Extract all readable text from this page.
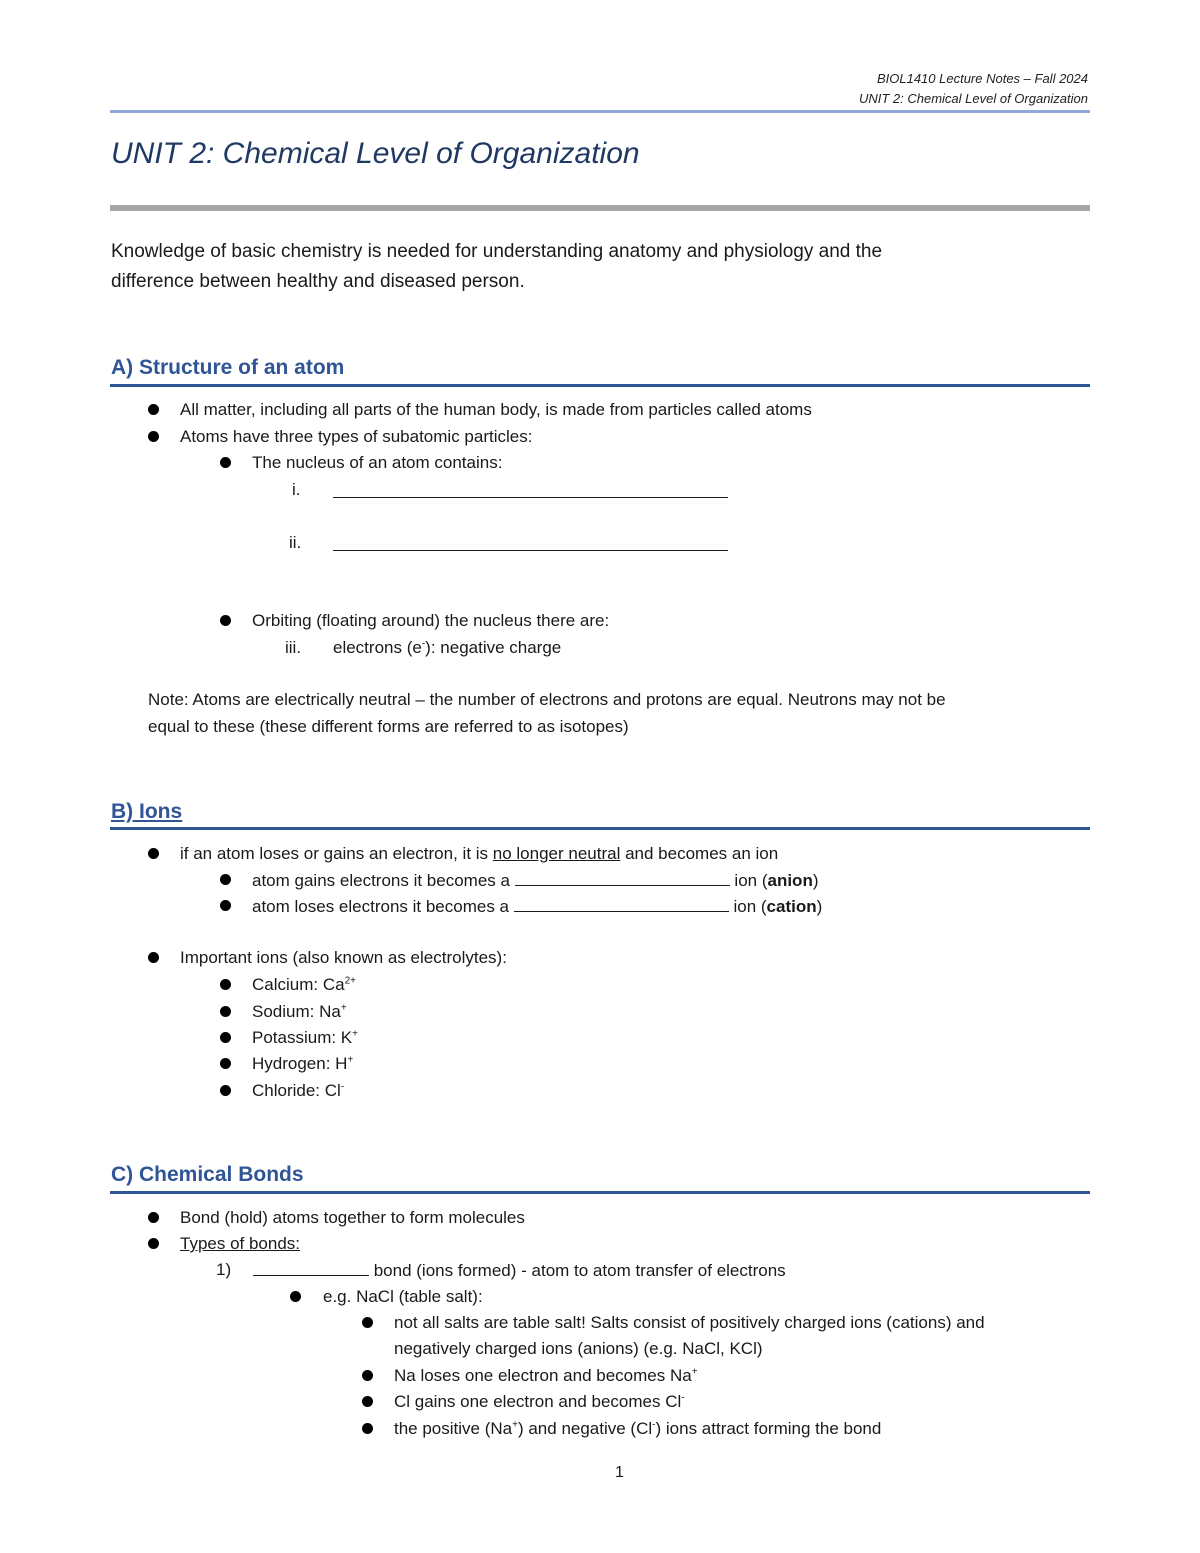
BIOL1410 Lecture Notes – Fall 2024
UNIT 2: Chemical Level of Organization
UNIT 2: Chemical Level of Organization
Knowledge of basic chemistry is needed for understanding anatomy and physiology and the
difference between healthy and diseased person.
A) Structure of an atom
All matter, including all parts of the human body, is made from particles called atoms
Atoms have three types of subatomic particles:
The nucleus of an atom contains:
i.
ii.
Orbiting (floating around) the nucleus there are:
iii. electrons (e-): negative charge
Note: Atoms are electrically neutral – the number of electrons and protons are equal. Neutrons may not be
equal to these (these different forms are referred to as isotopes)
B) Ions
if an atom loses or gains an electron, it is no longer neutral and becomes an ion
atom gains electrons it becomes a	ion (anion)
atom loses electrons it becomes a	ion (cation)
Important ions (also known as electrolytes):
Calcium: $Ca^{2+}$
Sodium: Na+
Potassium: K+
Hydrogen: H+
Chloride: Cl-
C) Chemical Bonds
Bond (hold) atoms together to form molecules
Types of bonds:
1)	bond (ions formed) - atom to atom transfer of electrons
e.g. NaCl (table salt):
not all salts are table salt! Salts consist of positively charged ions (cations) and
negatively charged ions (anions) (e.g. NaCl, KCl)
Na loses one electron and becomes Na+
Cl gains one electron and becomes Cl-
the positive (Na+) and negative (Cl-) ions attract forming the bond
1
